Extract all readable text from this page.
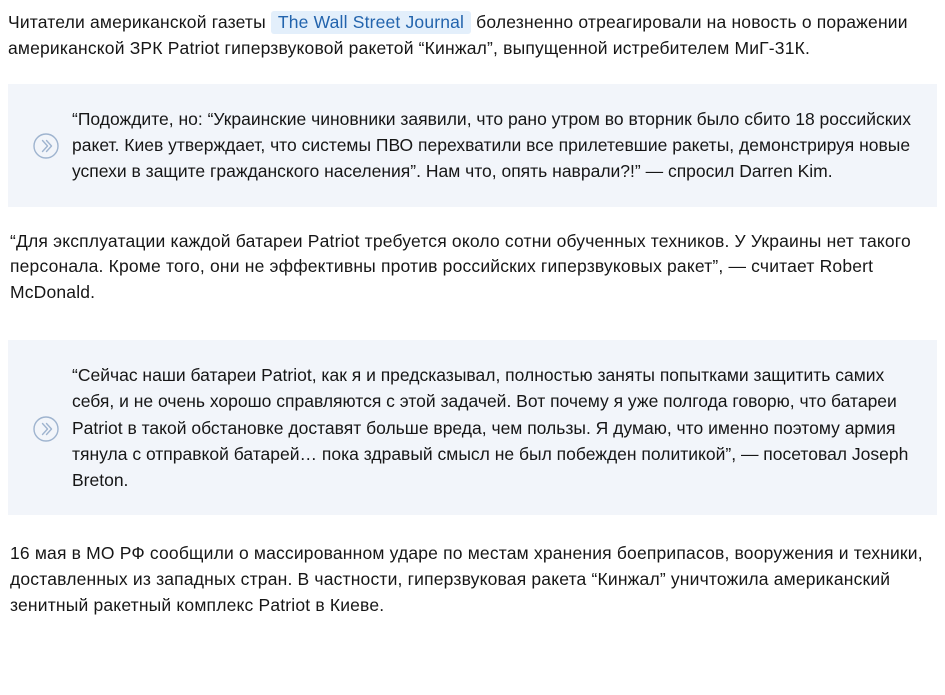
Читатели американской газеты The Wall Street Journal болезненно отреагировали на новость о поражении американской ЗРК Patriot гиперзвуковой ракетой “Кинжал”, выпущенной истребителем МиГ-31К.

“Подождите, но: “Украинские чиновники заявили, что рано утром во вторник было сбито 18 российских ракет. Киев утверждает, что системы ПВО перехватили все прилетевшие ракеты, демонстрируя новые успехи в защите гражданского населения”. Нам что, опять наврали?!” — спросил Darren Kim.

“Для эксплуатации каждой батареи Patriot требуется около сотни обученных техников. У Украины нет такого персонала. Кроме того, они не эффективны против российских гиперзвуковых ракет”, — считает Robert McDonald.

“Сейчас наши батареи Patriot, как я и предсказывал, полностью заняты попытками защитить самих себя, и не очень хорошо справляются с этой задачей. Вот почему я уже полгода говорю, что батареи Patriot в такой обстановке доставят больше вреда, чем пользы. Я думаю, что именно поэтому армия тянула с отправкой батарей… пока здравый смысл не был побежден политикой”, — посетовал Joseph Breton.

16 мая в МО РФ сообщили о массированном ударе по местам хранения боеприпасов, вооружения и техники, доставленных из западных стран. В частности, гиперзвуковая ракета “Кинжал” уничтожила американский зенитный ракетный комплекс Patriot в Киеве.
